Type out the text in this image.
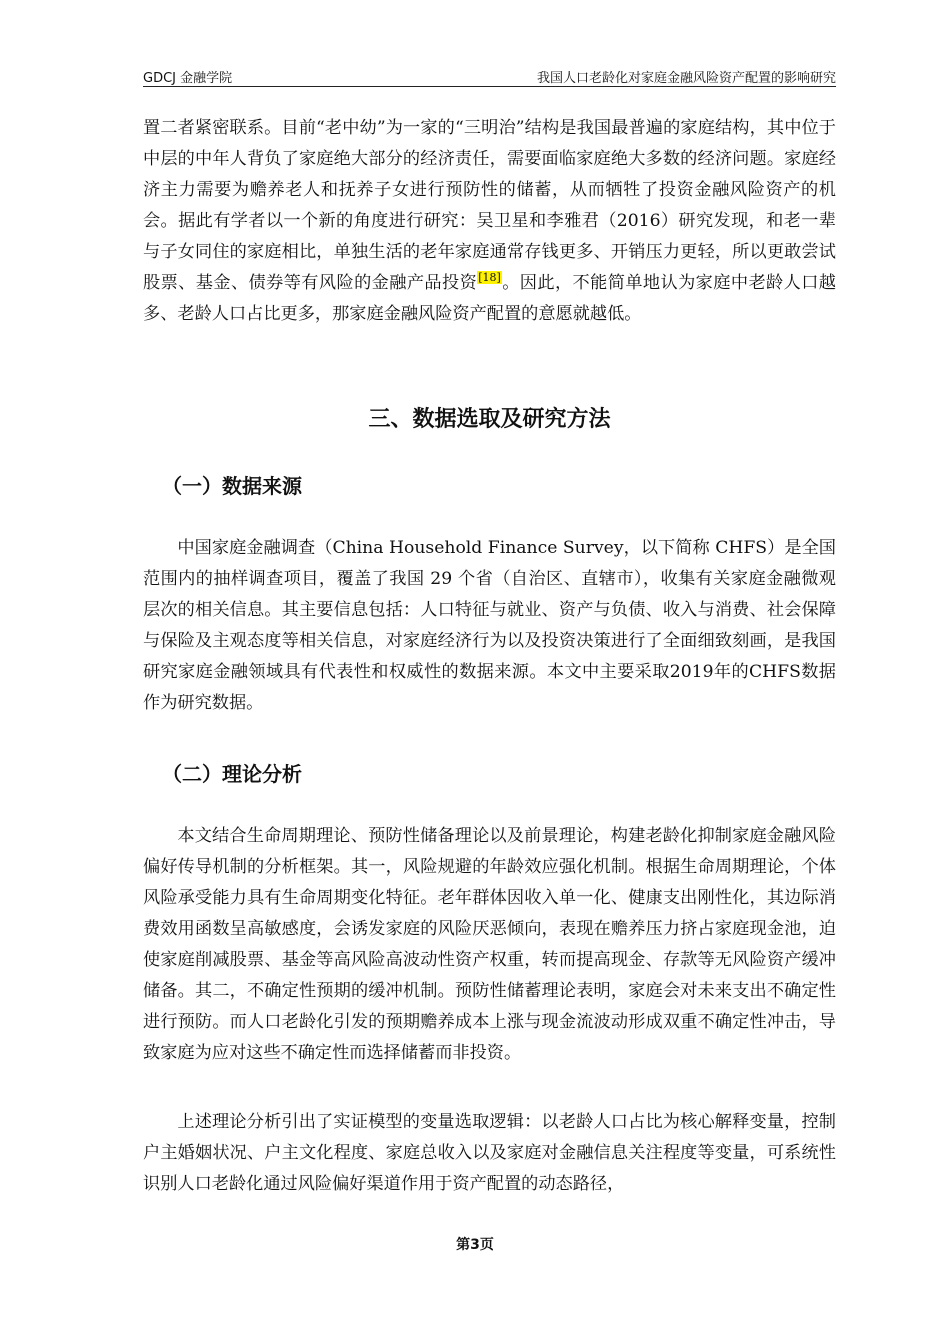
GDCJ 金融学院	我国人口老龄化对家庭金融风险资产配置的影响研究

置二者紧密联系。目前“老中幼”为一家的“三明治”结构是我国最普遍的家庭结构，其中位于中层的中年人背负了家庭绝大部分的经济责任，需要面临家庭绝大多数的经济问题。家庭经济主力需要为赡养老人和抚养子女进行预防性的储蓄，从而牺牲了投资金融风险资产的机会。据此有学者以一个新的角度进行研究：吴卫星和李雅君（2016）研究发现，和老一辈与子女同住的家庭相比，单独生活的老年家庭通常存钱更多、开销压力更轻，所以更敢尝试股票、基金、债券等有风险的金融产品投资[18]。因此，不能简单地认为家庭中老龄人口越多、老龄人口占比更多，那家庭金融风险资产配置的意愿就越低。

三、数据选取及研究方法
（一）数据来源

中国家庭金融调查（China Household Finance Survey，以下简称 CHFS）是全国范围内的抽样调查项目，覆盖了我国 29 个省（自治区、直辖市），收集有关家庭金融微观层次的相关信息。其主要信息包括：人口特征与就业、资产与负债、收入与消费、社会保障与保险及主观态度等相关信息，对家庭经济行为以及投资决策进行了全面细致刻画，是我国研究家庭金融领域具有代表性和权威性的数据来源。本文中主要采取2019年的CHFS数据作为研究数据。

（二）理论分析

本文结合生命周期理论、预防性储备理论以及前景理论，构建老龄化抑制家庭金融风险偏好传导机制的分析框架。其一，风险规避的年龄效应强化机制。根据生命周期理论，个体风险承受能力具有生命周期变化特征。老年群体因收入单一化、健康支出刚性化，其边际消费效用函数呈高敏感度，会诱发家庭的风险厌恶倾向，表现在赡养压力挤占家庭现金池，迫使家庭削减股票、基金等高风险高波动性资产权重，转而提高现金、存款等无风险资产缓冲储备。其二，不确定性预期的缓冲机制。预防性储蓄理论表明，家庭会对未来支出不确定性进行预防。而人口老龄化引发的预期赡养成本上涨与现金流波动形成双重不确定性冲击，导致家庭为应对这些不确定性而选择储蓄而非投资。

上述理论分析引出了实证模型的变量选取逻辑：以老龄人口占比为核心解释变量，控制户主婚姻状况、户主文化程度、家庭总收入以及家庭对金融信息关注程度等变量，可系统性识别人口老龄化通过风险偏好渠道作用于资产配置的动态路径，

第3页
